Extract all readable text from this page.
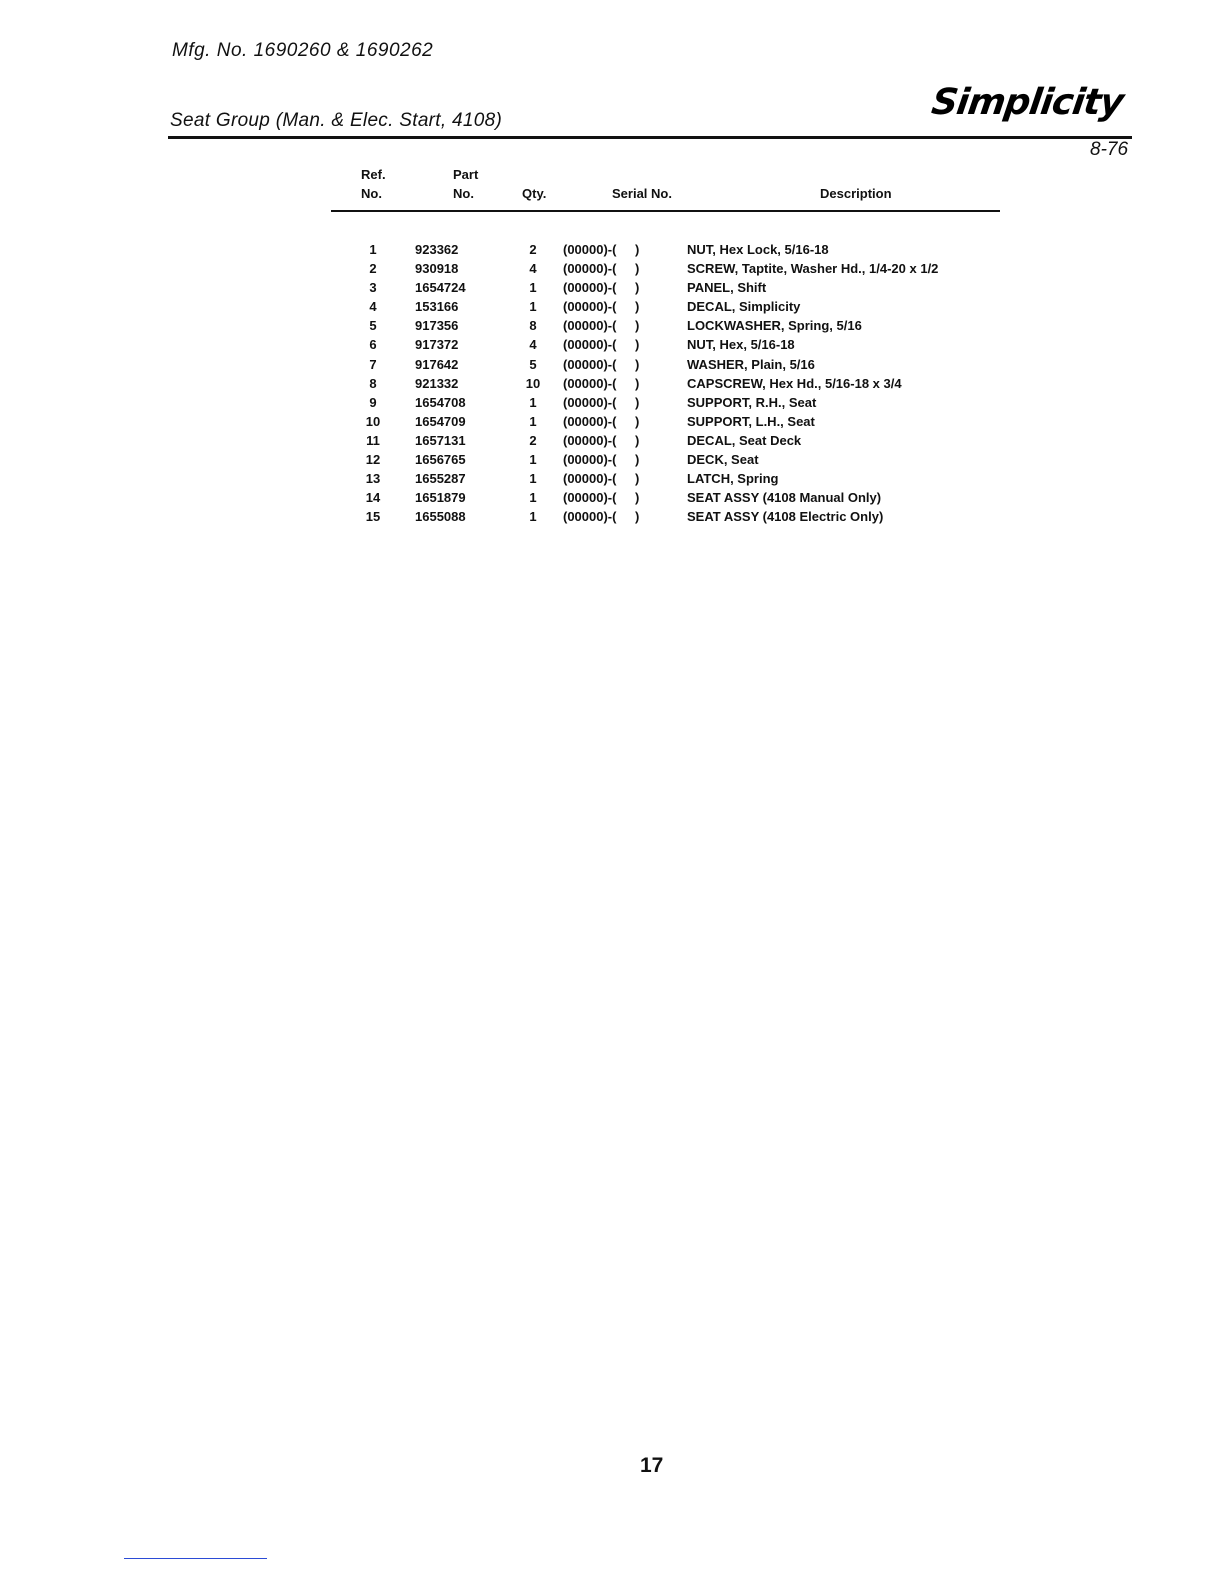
Mfg. No. 1690260 & 1690262
Seat Group (Man. & Elec. Start, 4108)	Simplicity
8-76
Ref.
No.
Part
No.	Qty.	Serial No.	Description
1	923362	2	(00000)-(	)	NUT, Hex Lock, 5/16-18
2	930918	4	(00000)-(	)	SCREW, Taptite, Washer Hd., 1/4-20 x 1/2
3	1654724	1	(00000)-(	)	PANEL, Shift
4	153166	1	(00000)-(	)	DECAL, Simplicity
5	917356	8	(00000)-(	)	LOCKWASHER, Spring, 5/16
6	917372	4	(00000)-(	)	NUT, Hex, 5/16-18
7	917642	5	(00000)-(	)	WASHER, Plain, 5/16
8	921332	10	(00000)-(	)	CAPSCREW, Hex Hd., 5/16-18 x 3/4
9	1654708	1	(00000)-(	)	SUPPORT, R.H., Seat
10	1654709	1	(00000)-(	)	SUPPORT, L.H., Seat
11	1657131	2	(00000)-(	)	DECAL, Seat Deck
12	1656765	1	(00000)-(	)	DECK, Seat
13	1655287	1	(00000)-(	)	LATCH, Spring
14	1651879	1	(00000)-(	)	SEAT ASSY (4108 Manual Only)
15	1655088	1	(00000)-(	)	SEAT ASSY (4108 Electric Only)
17
